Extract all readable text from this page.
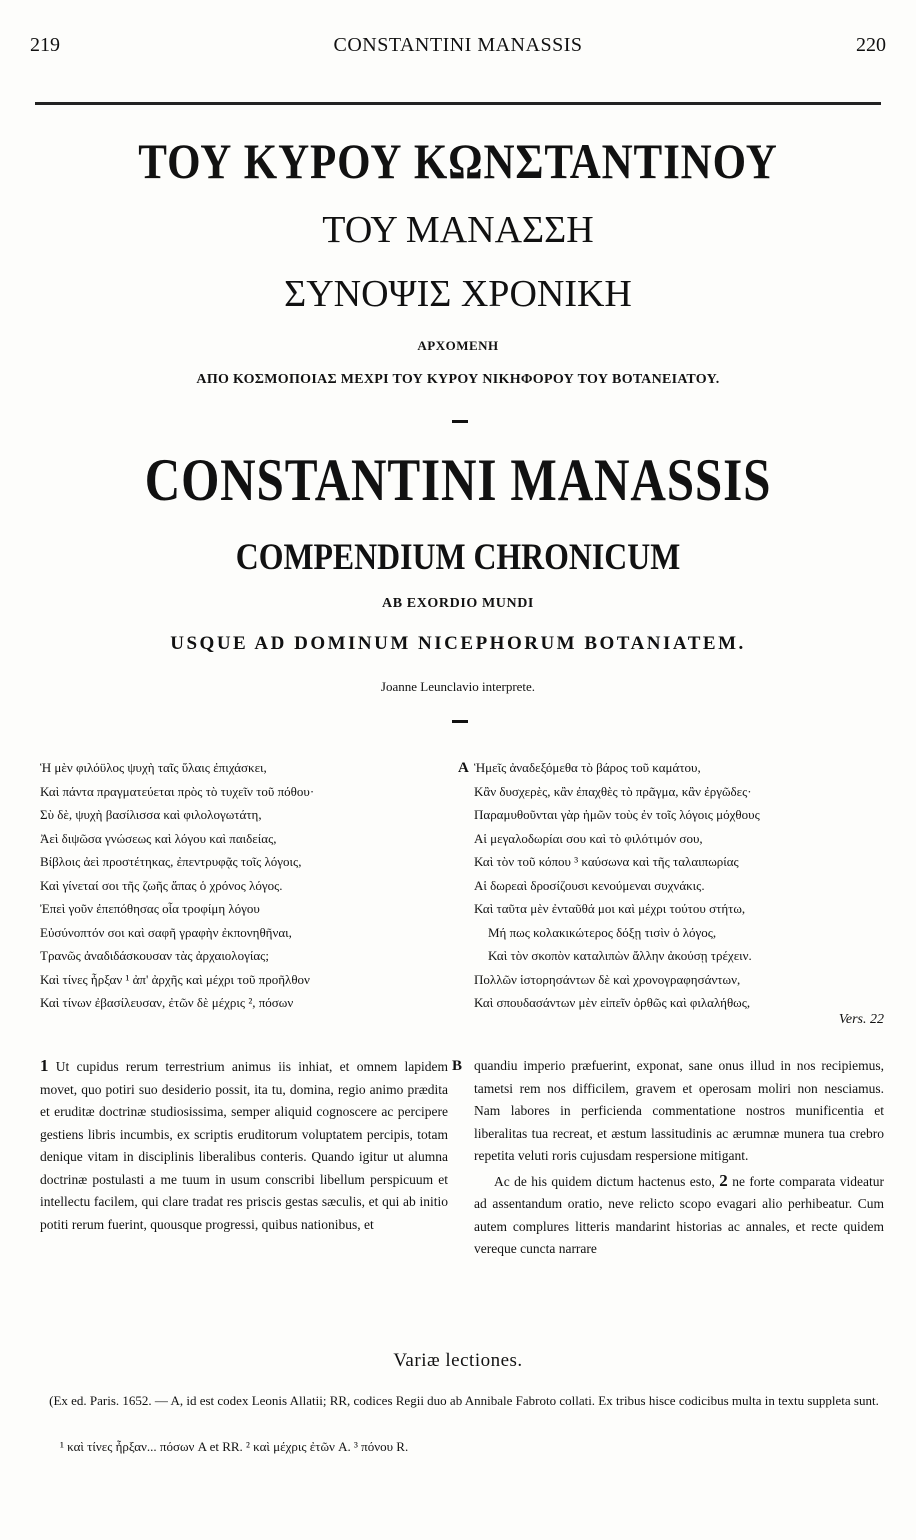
219	CONSTANTINI MANASSIS	220
ΤΟΥ ΚΥΡΟΥ ΚΩΝΣΤΑΝΤΙΝΟΥ
ΤΟΥ ΜΑΝΑΣΣΗ
ΣΥΝΟΨΙΣ ΧΡΟΝΙΚΗ
ΑΡΧΟΜΕΝΗ
ΑΠΟ ΚΟΣΜΟΠΟΙΑΣ ΜΕΧΡΙ ΤΟΥ ΚΥΡΟΥ ΝΙΚΗΦΟΡΟΥ ΤΟΥ ΒΟΤΑΝΕΙΑΤΟΥ.
CONSTANTINI MANASSIS
COMPENDIUM CHRONICUM
AB EXORDIO MUNDI
USQUE AD DOMINUM NICEPHORUM BOTANIATEM.
Joanne Leunclavio interprete.
Ἡ μὲν φιλόϋλος ψυχὴ ταῖς ὕλαις ἐπιχάσκει,
Καὶ πάντα πραγματεύεται πρὸς τὸ τυχεῖν τοῦ πόθου·
Σὺ δὲ, ψυχὴ βασίλισσα καὶ φιλολογωτάτη,
Ἀεὶ διψῶσα γνώσεως καὶ λόγου καὶ παιδείας,
Βίβλοις ἀεὶ προστέτηκας, ἐπεντρυφᾷς τοῖς λόγοις,
Καὶ γίνεταί σοι τῆς ζωῆς ἅπας ὁ χρόνος λόγος.
Ἐπεὶ γοῦν ἐπεπόθησας οἷα τροφίμη λόγου
Εὐσύνοπτόν σοι καὶ σαφῆ γραφὴν ἐκπονηθῆναι,
Τρανῶς ἀναδιδάσκουσαν τὰς ἀρχαιολογίας;
Καὶ τίνες ἦρξαν ¹ ἀπ' ἀρχῆς καὶ μέχρι τοῦ προῆλθον
Καὶ τίνων ἐβασίλευσαν, ἐτῶν δὲ μέχρις ², πόσων
A Ἡμεῖς ἀναδεξόμεθα τὸ βάρος τοῦ καμάτου,
Κἂν δυσχερὲς, κἂν ἐπαχθὲς τὸ πρᾶγμα, κἂν ἐργῶδες·
Παραμυθοῦνται γὰρ ἡμῶν τοὺς ἐν τοῖς λόγοις μόχθους
Αἱ μεγαλοδωρίαι σου καὶ τὸ φιλότιμόν σου,
Καὶ τὸν τοῦ κόπου ³ καύσωνα καὶ τῆς ταλαιπωρίας
Αἱ δωρεαὶ δροσίζουσι κενούμεναι συχνάκις.
Καὶ ταῦτα μὲν ἐνταῦθά μοι καὶ μέχρι τούτου στήτω,
Μή πως κολακικώτερος δόξῃ τισὶν ὁ λόγος,
Καὶ τὸν σκοπὸν καταλιπὼν ἄλλην ἀκούσῃ τρέχειν.
Πολλῶν ἱστορησάντων δὲ καὶ χρονογραφησάντων,
Καὶ σπουδασάντων μὲν εἰπεῖν ὀρθῶς καὶ φιλαλήθως,
Vers. 22

1 Ut cupidus rerum terrestrium animus iis inhiat, et omnem lapidem movet, quo potiri suo desiderio possit, ita tu, domina, regio animo prædita et eruditæ doctrinæ studiosissima, semper aliquid cognoscere ac percipere gestiens libris incumbis, ex scriptis eruditorum voluptatem percipis, totam denique vitam in disciplinis liberalibus conteris. Quando igitur ut alumna doctrinæ postulasti a me tuum in usum conscribi libellum perspicuum et intellectu facilem, qui clare tradat res priscis gestas sæculis, et qui ab initio potiti rerum fuerint, quousque progressi, quibus nationibus, et

B quandiu imperio præfuerint, exponat, sane onus illud in nos recipiemus, tametsi rem nos difficilem, gravem et operosam moliri non nesciamus. Nam labores in perficienda commentatione nostros munificentia et liberalitas tua recreat, et æstum lassitudinis ac ærumnæ munera tua crebro repetita veluti roris cujusdam respersione mitigant.

Ac de his quidem dictum hactenus esto, 2 ne forte comparata videatur ad assentandum oratio, neve relicto scopo evagari alio perhibeatur. Cum autem complures litteris mandarint historias ac annales, et recte quidem vereque cuncta narrare

Variæ lectiones.
(Ex ed. Paris. 1652. — A, id est codex Leonis Allatii; RR, codices Regii duo ab Annibale Fabroto collati. Ex tribus hisce codicibus multa in textu suppleta sunt.
¹ καὶ τίνες ἦρξαν... πόσων A et RR. ² καὶ μέχρις ἐτῶν A. ³ πόνου R.
